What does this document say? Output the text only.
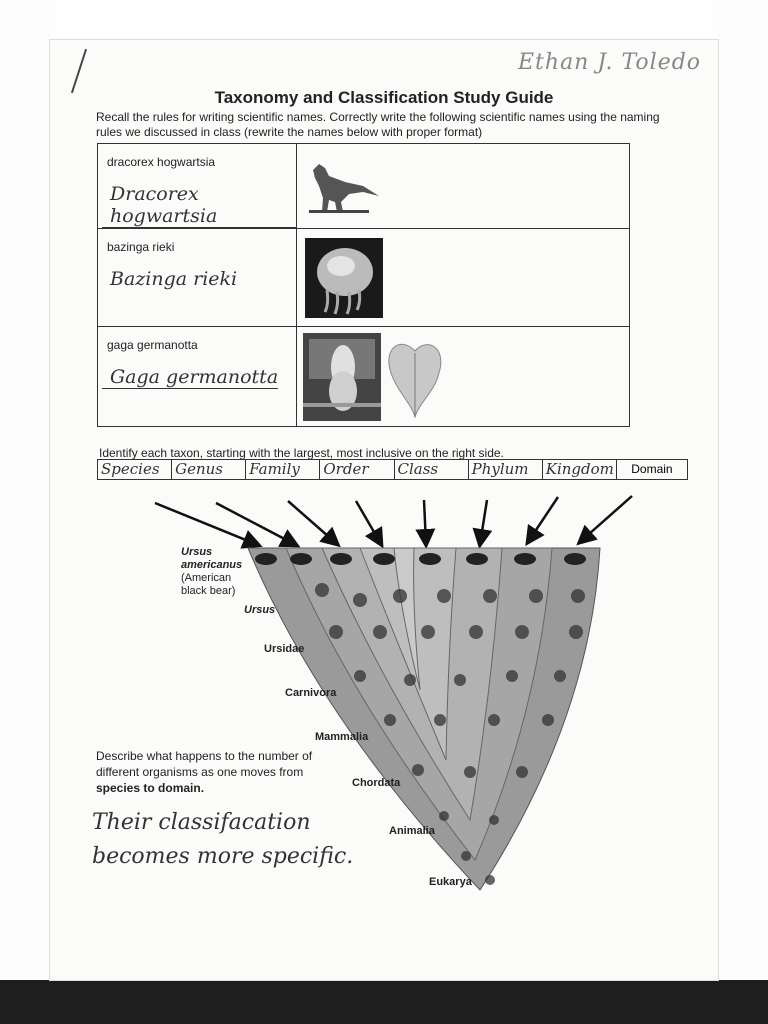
Ethan J. Toledo
Taxonomy and Classification Study Guide
Recall the rules for writing scientific names. Correctly write the following scientific names using the naming rules we discussed in class (rewrite the names below with proper format)
dracorex hogwartsia
Dracorex hogwartsia	

bazinga rieki
Bazinga rieki	

gaga germanotta
Gaga germanotta	
Identify each taxon, starting with the largest, most inclusive on the right side.
Species	Genus	Family	Order	Class	Phylum	Kingdom	Domain
Ursus
americanus
(American
black bear)
Ursus
Ursidae
Carnivora
Mammalia
Chordata
Animalia
Eukarya
Describe what happens to the number of different organisms as one moves from species to domain.
Their classifacation
becomes more specific.
